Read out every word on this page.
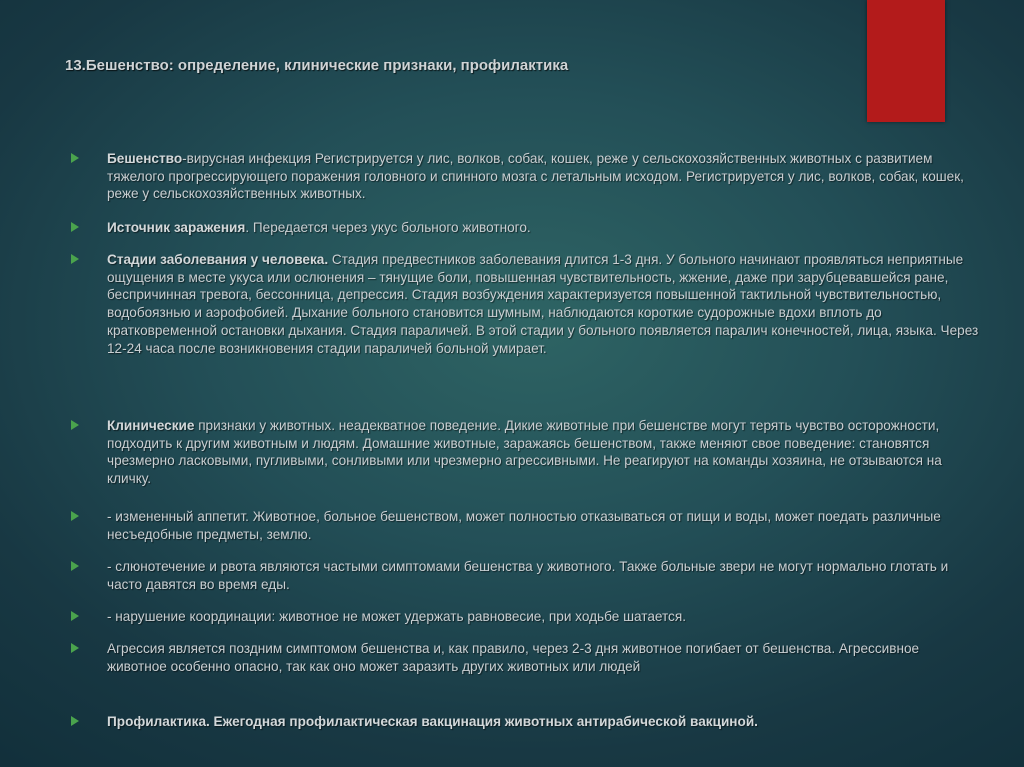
13.Бешенство: определение, клинические признаки, профилактика
Бешенство-вирусная инфекция Регистрируется у лис, волков, собак, кошек, реже у сельскохозяйственных животных с развитием тяжелого прогрессирующего поражения головного и спинного мозга с летальным исходом. Регистрируется у лис, волков, собак, кошек, реже у сельскохозяйственных животных.
Источник заражения. Передается через укус больного животного.
Стадии заболевания у человека. Стадия предвестников заболевания длится 1-3 дня. У больного начинают проявляться неприятные ощущения в месте укуса или ослюнения – тянущие боли, повышенная чувствительность, жжение, даже при зарубцевавшейся ране, беспричинная тревога, бессонница, депрессия. Стадия возбуждения характеризуется повышенной тактильной чувствительностью, водобоязнью и аэрофобией. Дыхание больного становится шумным, наблюдаются короткие судорожные вдохи вплоть до кратковременной остановки дыхания. Стадия параличей. В этой стадии у больного появляется паралич конечностей, лица, языка. Через 12-24 часа после возникновения стадии параличей больной умирает.
Клинические признаки у животных. неадекватное поведение. Дикие животные при бешенстве могут терять чувство осторожности, подходить к другим животным и людям. Домашние животные, заражаясь бешенством, также меняют свое поведение: становятся чрезмерно ласковыми, пугливыми, сонливыми или чрезмерно агрессивными. Не реагируют на команды хозяина, не отзываются на кличку.
- измененный аппетит. Животное, больное бешенством, может полностью отказываться от пищи и воды, может поедать различные несъедобные предметы, землю.
- слюнотечение и рвота являются частыми симптомами бешенства у животного. Также больные звери не могут нормально глотать и часто давятся во время еды.
- нарушение координации: животное не может удержать равновесие, при ходьбе шатается.
Агрессия является поздним симптомом бешенства и, как правило, через 2-3 дня животное погибает от бешенства. Агрессивное животное особенно опасно, так как оно может заразить других животных или людей
Профилактика. Ежегодная профилактическая вакцинация животных антирабической вакциной.
